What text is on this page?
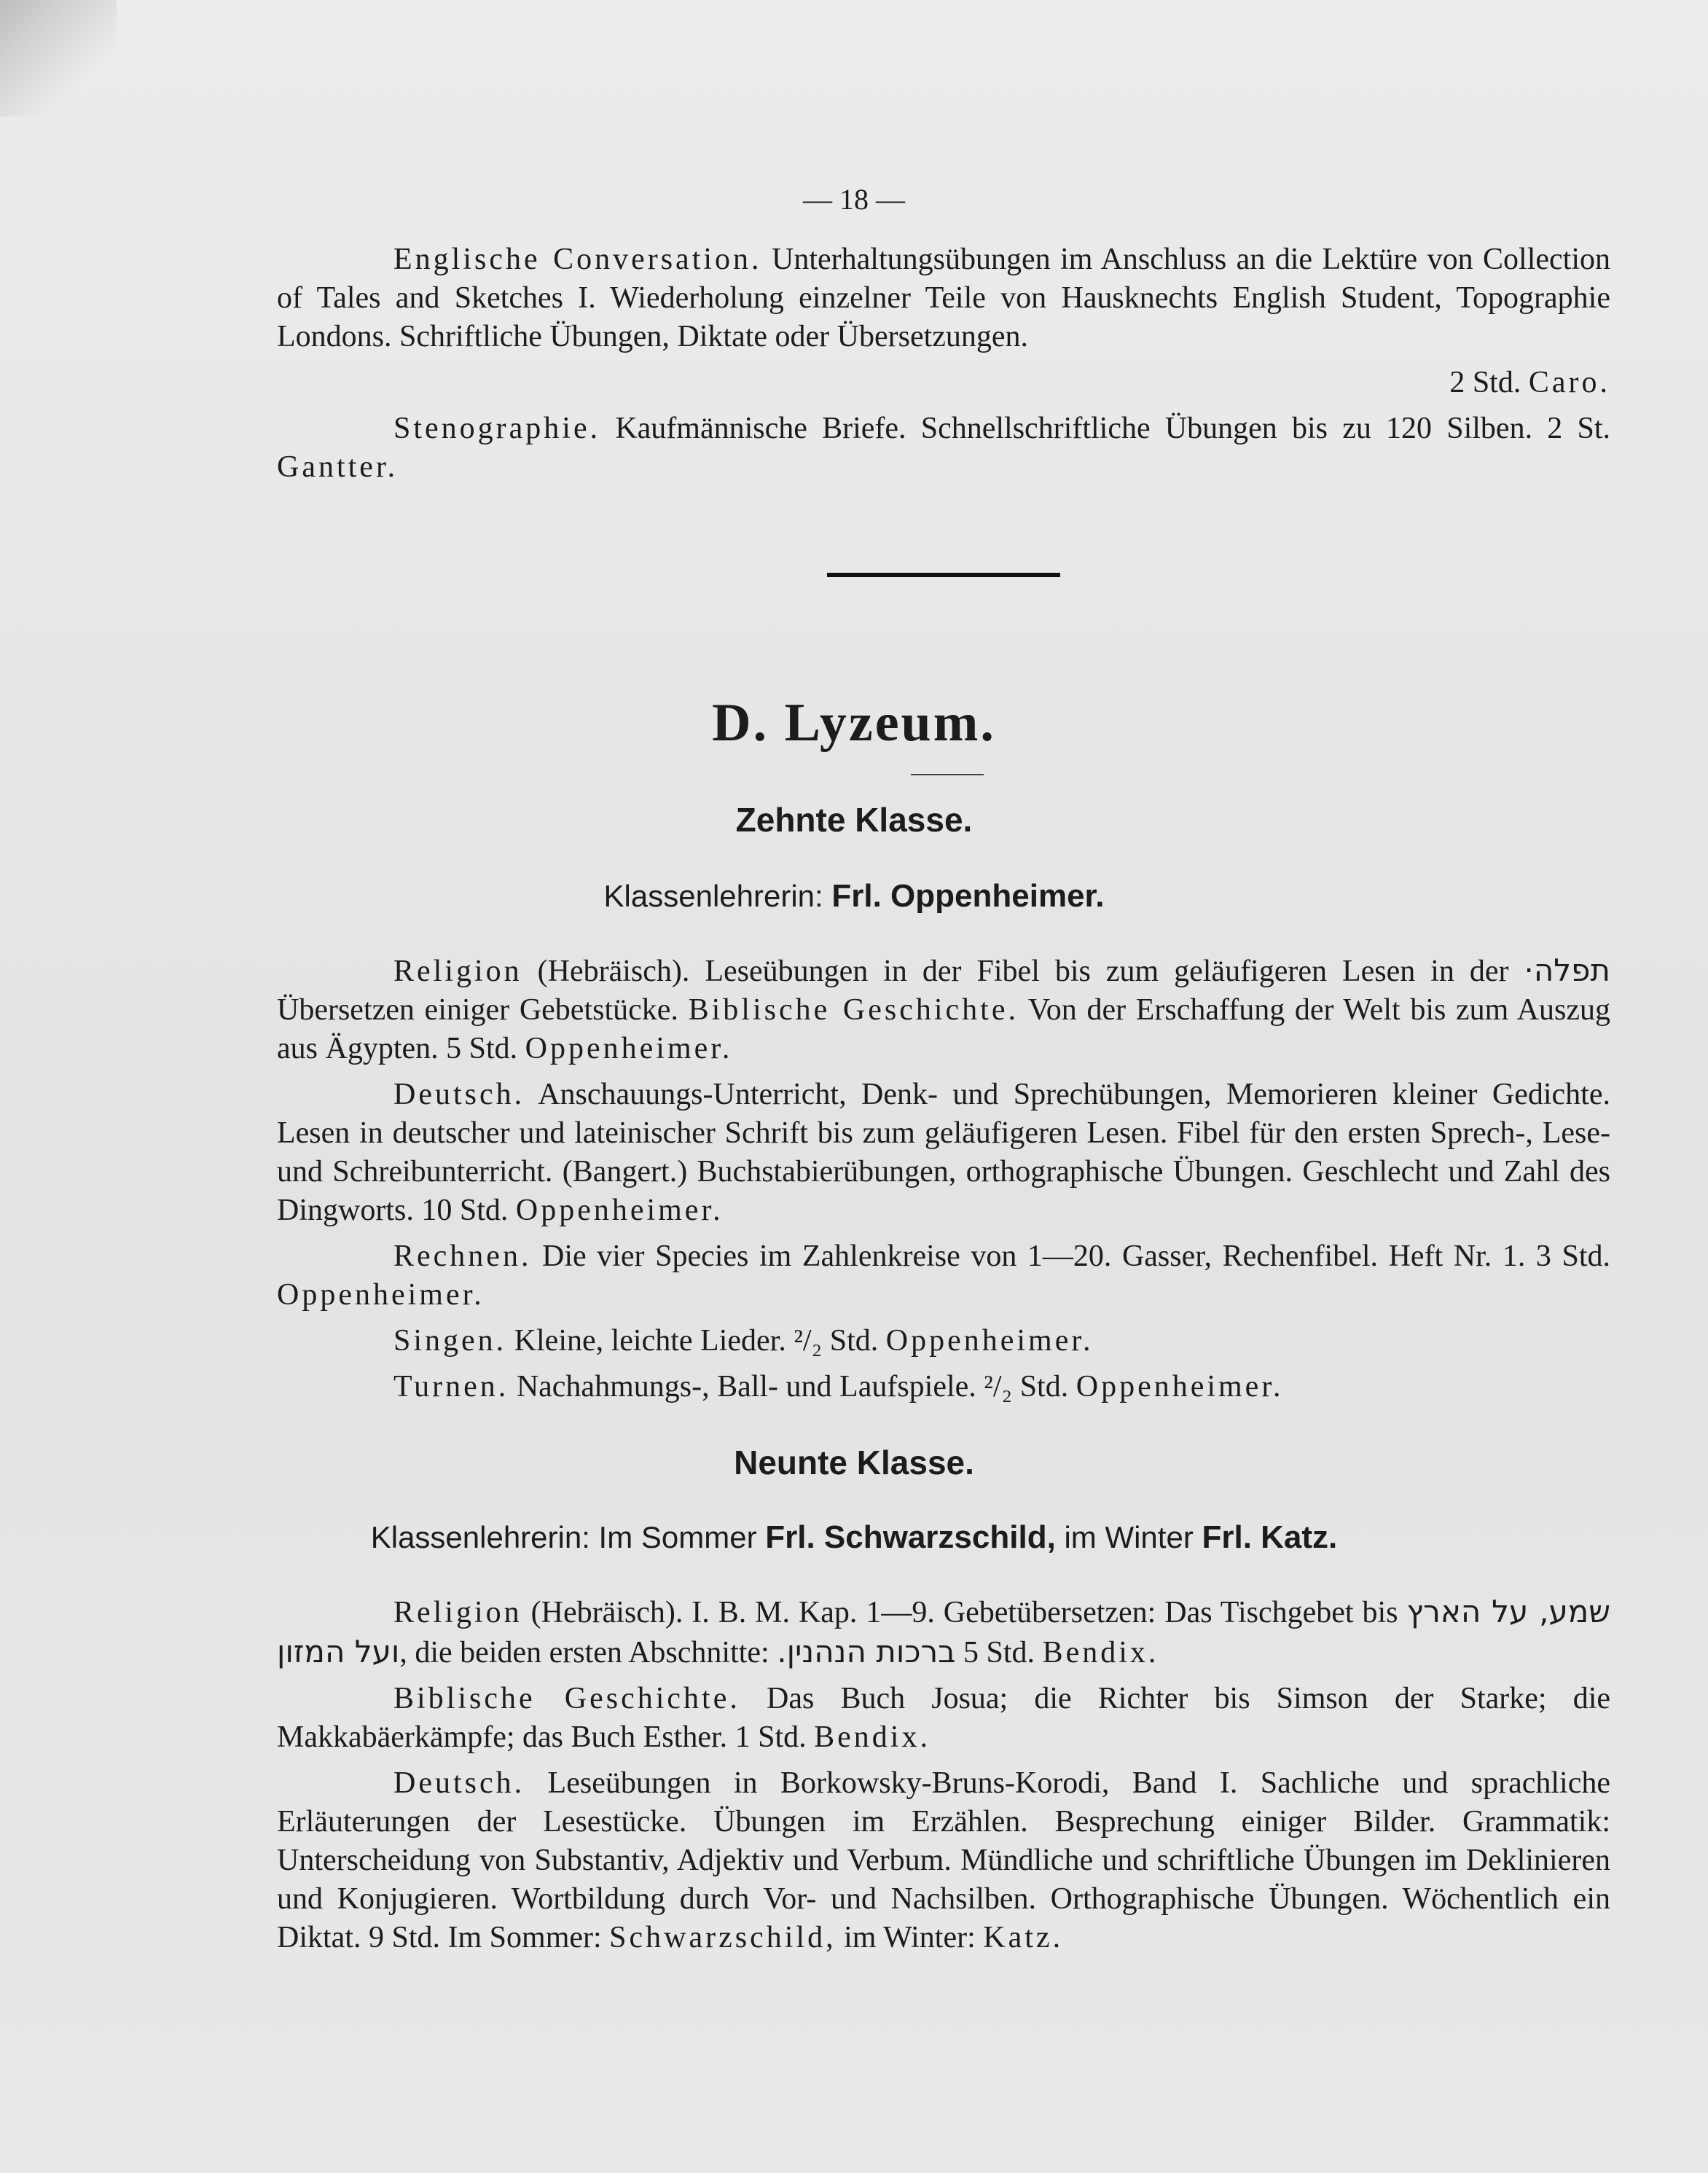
— 18 —

Englische Conversation. Unterhaltungsübungen im Anschluss an die Lektüre von Collection of Tales and Sketches I. Wiederholung einzelner Teile von Hausknechts English Student, Topographie Londons. Schriftliche Übungen, Diktate oder Übersetzungen.

2 Std. Caro.

Stenographie. Kaufmännische Briefe. Schnellschriftliche Übungen bis zu 120 Silben. 2 St. Gantter.

D. Lyzeum.
Zehnte Klasse.
Klassenlehrerin: Frl. Oppenheimer.

Religion (Hebräisch). Leseübungen in der Fibel bis zum geläufigeren Lesen in der תפלה· Übersetzen einiger Gebetstücke. Biblische Geschichte. Von der Erschaffung der Welt bis zum Auszug aus Ägypten. 5 Std. Oppenheimer.

Deutsch. Anschauungs-Unterricht, Denk- und Sprechübungen, Memorieren kleiner Gedichte. Lesen in deutscher und lateinischer Schrift bis zum geläufigeren Lesen. Fibel für den ersten Sprech-, Lese- und Schreibunterricht. (Bangert.) Buchstabierübungen, orthographische Übungen. Geschlecht und Zahl des Dingworts. 10 Std. Oppenheimer.

Rechnen. Die vier Species im Zahlenkreise von 1—20. Gasser, Rechenfibel. Heft Nr. 1. 3 Std. Oppenheimer.

Singen. Kleine, leichte Lieder. ²/₂ Std. Oppenheimer.

Turnen. Nachahmungs-, Ball- und Laufspiele. ²/₂ Std. Oppenheimer.

Neunte Klasse.
Klassenlehrerin: Im Sommer Frl. Schwarzschild, im Winter Frl. Katz.

Religion (Hebräisch). I. B. M. Kap. 1—9. Gebetübersetzen: Das Tischgebet bis שמע, על הארץ ועל המזון, die beiden ersten Abschnitte: ברכות הנהנין. 5 Std. Bendix.

Biblische Geschichte. Das Buch Josua; die Richter bis Simson der Starke; die Makkabäerkämpfe; das Buch Esther. 1 Std. Bendix.

Deutsch. Leseübungen in Borkowsky-Bruns-Korodi, Band I. Sachliche und sprachliche Erläuterungen der Lesestücke. Übungen im Erzählen. Besprechung einiger Bilder. Grammatik: Unterscheidung von Substantiv, Adjektiv und Verbum. Mündliche und schriftliche Übungen im Deklinieren und Konjugieren. Wortbildung durch Vor- und Nachsilben. Orthographische Übungen. Wöchentlich ein Diktat. 9 Std. Im Sommer: Schwarzschild, im Winter: Katz.
